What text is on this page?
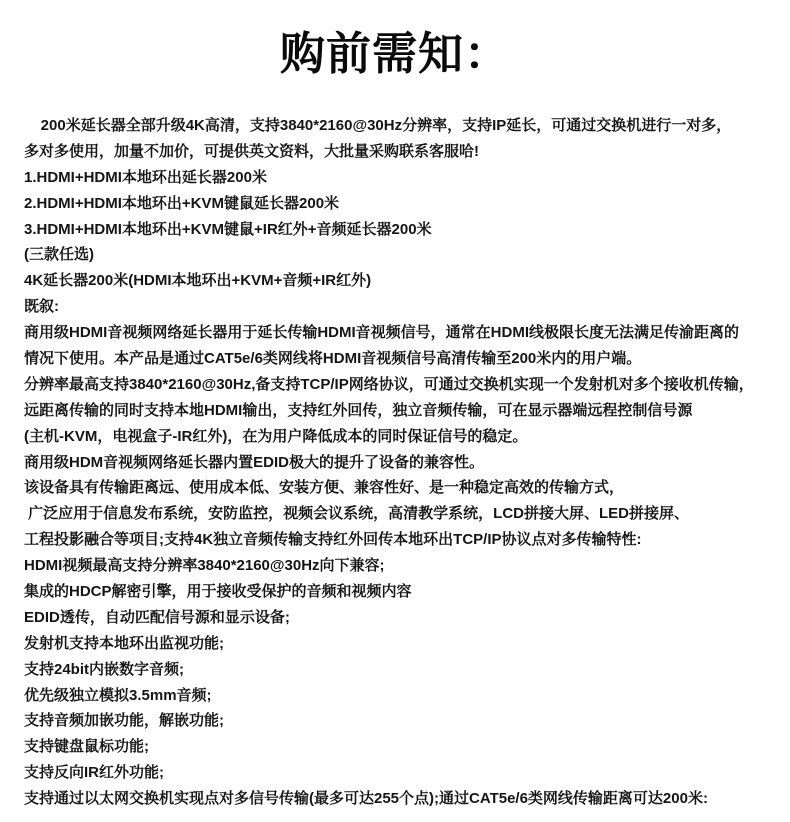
购前需知：
200米延长器全部升级4K高清，支持3840*2160@30Hz分辨率，支持IP延长，可通过交换机进行一对多，
多对多使用，加量不加价，可提供英文资料，大批量采购联系客服哈!
1.HDMI+HDMI本地环出延长器200米
2.HDMI+HDMI本地环出+KVM键鼠延长器200米
3.HDMI+HDMI本地环出+KVM键鼠+IR红外+音频延长器200米
(三款任选)
4K延长器200米(HDMI本地环出+KVM+音频+IR红外)
既叙:
商用级HDMI音视频网络延长器用于延长传输HDMI音视频信号，通常在HDMI线极限长度无法满足传渝距离的
情况下使用。本产品是通过CAT5e/6类网线将HDMI音视频信号高清传输至200米内的用户端。
分辨率最高支持3840*2160@30Hz,备支持TCP/IP网络协议，可通过交换机实现一个发射机对多个接收机传输，
远距离传输的同时支持本地HDMI输出，支持红外回传，独立音频传输，可在显示器端远程控制信号源
(主机-KVM，电视盒子-IR红外)，在为用户降低成本的同时保证信号的稳定。
商用级HDM音视频网络延长器内置EDID极大的提升了设备的兼容性。
该设备具有传输距离远、使用成本低、安装方便、兼容性好、是一种稳定高效的传输方式，
广泛应用于信息发布系统，安防监控，视频会议系统，高清教学系统，LCD拼接大屏、LED拼接屏、
工程投影融合等项目;支持4K独立音频传输支持红外回传本地环出TCP/IP协议点对多传输特性:
HDMI视频最高支持分辨率3840*2160@30Hz向下兼容;
集成的HDCP解密引擎，用于接收受保护的音频和视频内容
EDID透传，自动匹配信号源和显示设备;
发射机支持本地环出监视功能;
支持24bit内嵌数字音频;
优先级独立模拟3.5mm音频;
支持音频加嵌功能，解嵌功能;
支持键盘鼠标功能;
支持反向IR红外功能;
支持通过以太网交换机实现点对多信号传输(最多可达255个点);通过CAT5e/6类网线传输距离可达200米:
